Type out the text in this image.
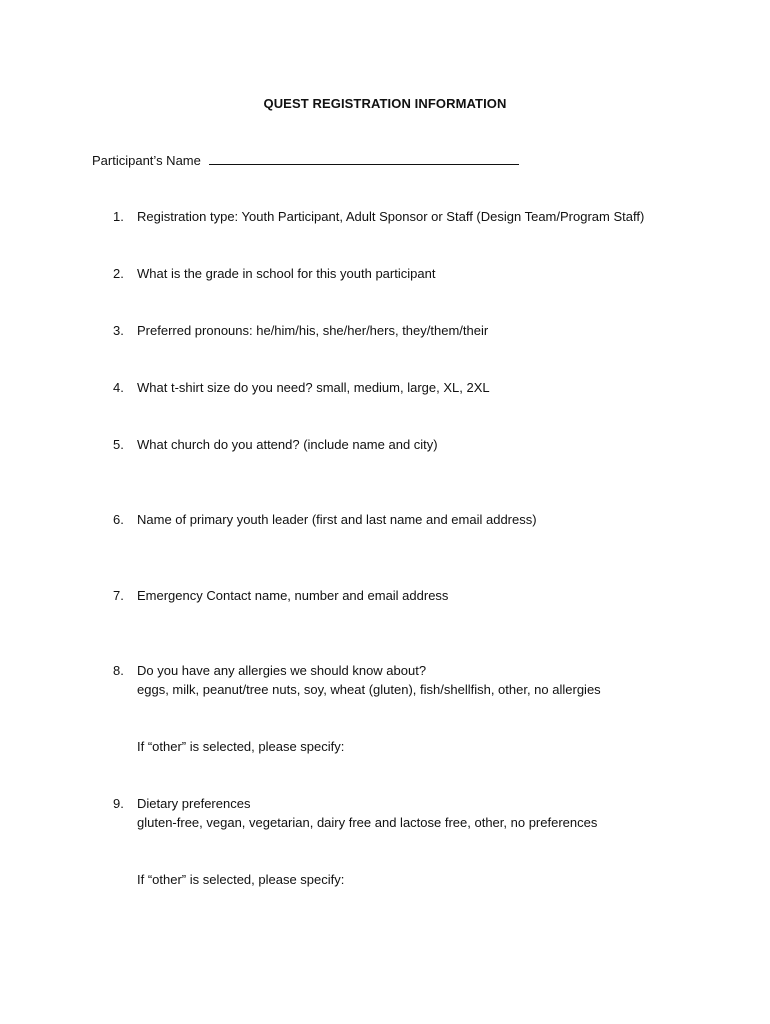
QUEST REGISTRATION INFORMATION
Participant’s Name
1. Registration type: Youth Participant, Adult Sponsor or Staff (Design Team/Program Staff)
2. What is the grade in school for this youth participant
3. Preferred pronouns: he/him/his, she/her/hers, they/them/their
4. What t-shirt size do you need? small, medium, large, XL, 2XL
5. What church do you attend? (include name and city)
6. Name of primary youth leader (first and last name and email address)
7. Emergency Contact name, number and email address
8. Do you have any allergies we should know about?
eggs, milk, peanut/tree nuts, soy, wheat (gluten), fish/shellfish, other, no allergies
If “other” is selected, please specify:
9. Dietary preferences
gluten-free, vegan, vegetarian, dairy free and lactose free, other, no preferences
If “other” is selected, please specify:
